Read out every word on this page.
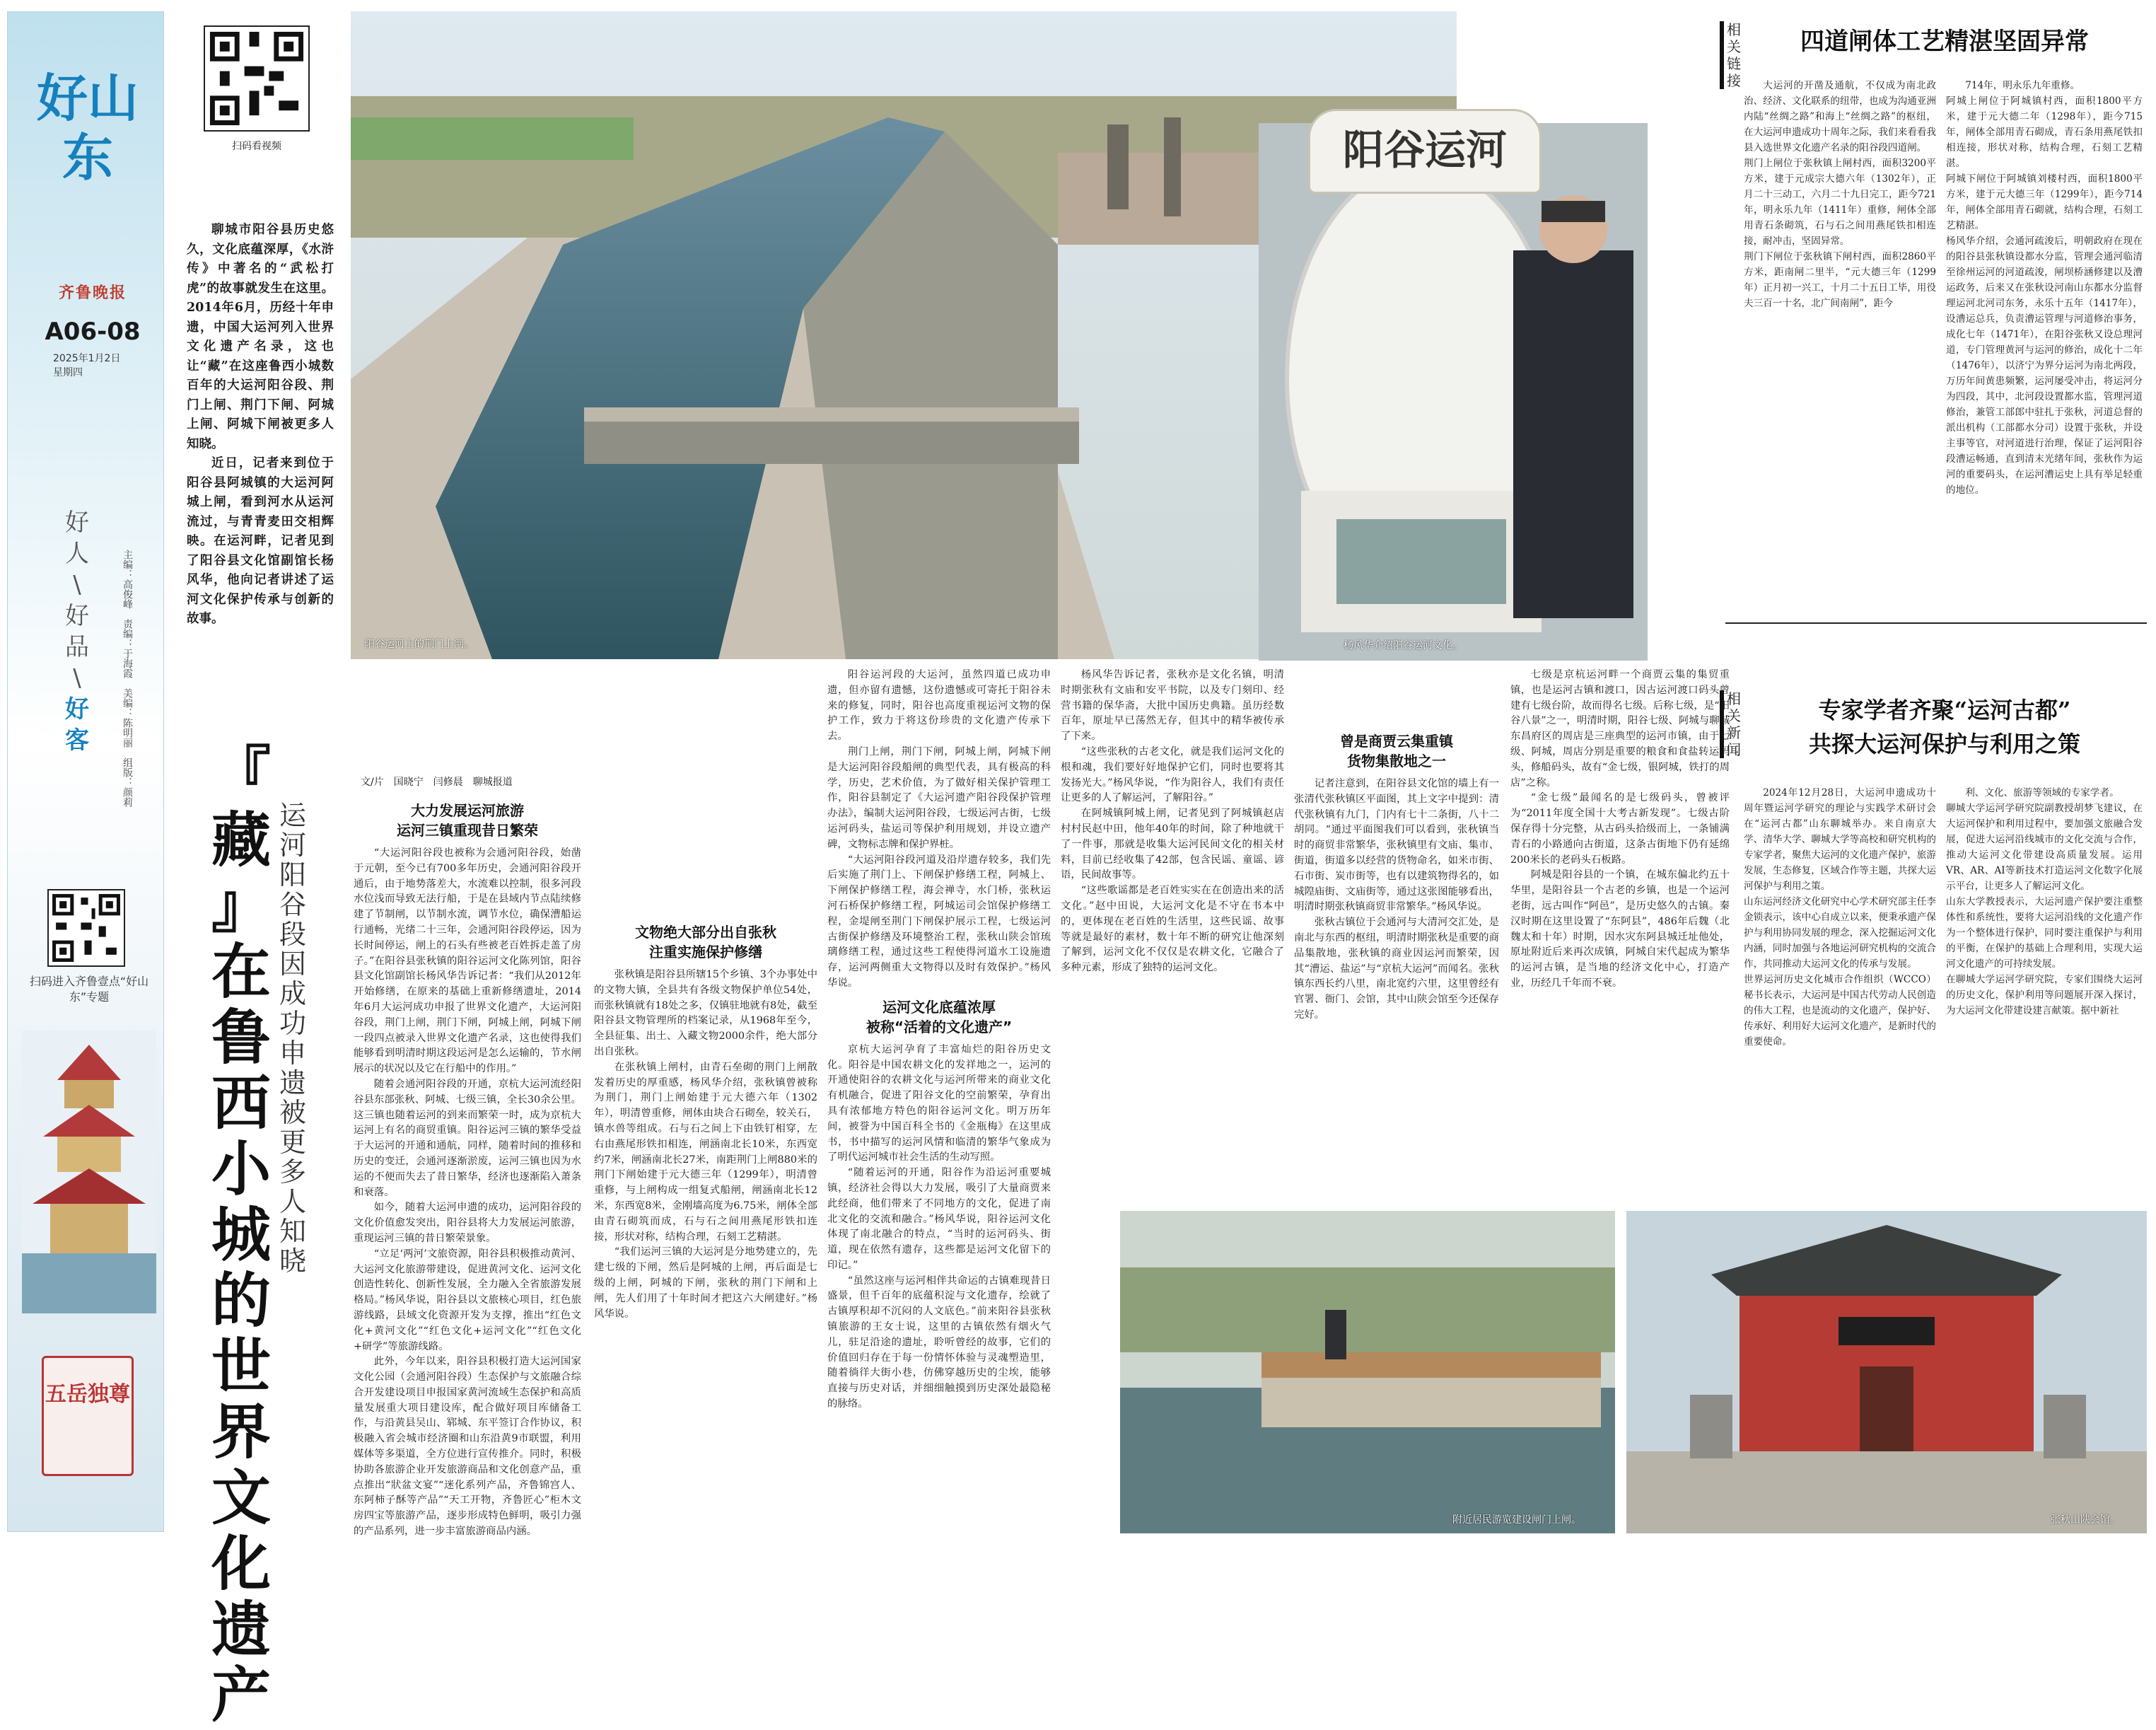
好山东
齐鲁晚报
A06-08
2025年1月2日
星期四
好
人
\
好
品
\
好
客
主编：高俊峰
责编：于海霞
美编：陈明丽
组版：颜莉
扫码进入齐鲁壹点“好山东”专题
五岳独尊
扫码看视频

聊城市阳谷县历史悠久，文化底蕴深厚，《水浒传》中著名的“武松打虎”的故事就发生在这里。2014年6月，历经十年申遗，中国大运河列入世界文化遗产名录，这也让“藏”在这座鲁西小城数百年的大运河阳谷段、荆门上闸、荆门下闸、阿城上闸、阿城下闸被更多人知晓。

近日，记者来到位于阳谷县阿城镇的大运河阿城上闸，看到河水从运河流过，与青青麦田交相辉映。在运河畔，记者见到了阳谷县文化馆副馆长杨风华，他向记者讲述了运河文化保护传承与创新的故事。

阳谷运河上的荆门上闸。
阳谷运河
杨风华介绍阳谷运河文化。
『
藏
』
在
鲁
西
小
城
的
世
界
文
化
遗
产
运
河
阳
谷
段
因
成
功
申
遗
被
更
多
人
知
晓
文/片　国晓宁　闫修晨　聊城报道
大力发展运河旅游
运河三镇重现昔日繁荣

“大运河阳谷段也被称为会通河阳谷段，始凿于元朝，至今已有700多年历史，会通河阳谷段开通后，由于地势落差大，水流难以控制，很多河段水位浅而导致无法行船，于是在县域内节点陆续修建了节制闸，以节制水流，调节水位，确保漕船运行通畅，光绪二十三年，会通河阳谷段停运，因为长时间停运，闸上的石头有些被老百姓拆走盖了房子。”在阳谷县张秋镇的阳谷运河文化陈列馆，阳谷县文化馆副馆长杨风华告诉记者：“我们从2012年开始修缮，在原来的基础上重新修缮遗址，2014年6月大运河成功申报了世界文化遗产，大运河阳谷段，荆门上闸，荆门下闸，阿城上闸，阿城下闸一段四点被录入世界文化遗产名录，这也使得我们能够看到明清时期这段运河是怎么运输的，节水闸展示的状况以及它在行船中的作用。”

随着会通河阳谷段的开通，京杭大运河流经阳谷县东部张秋、阿城、七级三镇，全长30余公里。这三镇也随着运河的到来而繁荣一时，成为京杭大运河上有名的商贸重镇。阳谷运河三镇的繁华受益于大运河的开通和通航，同样，随着时间的推移和历史的变迁，会通河逐渐淤废，运河三镇也因为水运的不便而失去了昔日繁华，经济也逐渐陷入萧条和衰落。

如今，随着大运河申遗的成功，运河阳谷段的文化价值愈发突出，阳谷县将大力发展运河旅游，重现运河三镇的昔日繁荣景象。

“立足‘两河’文旅资源，阳谷县积极推动黄河、大运河文化旅游带建设，促进黄河文化、运河文化创造性转化、创新性发展，全力融入全省旅游发展格局。”杨风华说，阳谷县以文旅核心项目，红色旅游线路，县域文化资源开发为支撑，推出“红色文化+黄河文化”“红色文化+运河文化”“红色文化+研学”等旅游线路。

此外，今年以来，阳谷县积极打造大运河国家文化公园（会通河阳谷段）生态保护与文旅融合综合开发建设项目申报国家黄河流域生态保护和高质量发展重大项目建设库，配合做好项目库储备工作，与沿黄县吴山、郓城、东平签订合作协议，积极融入省会城市经济圈和山东沿黄9市联盟，利用媒体等多渠道，全方位进行宣传推介。同时，积极协助各旅游企业开发旅游商品和文化创意产品，重点推出“狀盆文宴”“迷化系列产品，齐鲁锦宫人、东阿柿子酥等产品”“天工开物，齐鲁匠心”柜木文房四宝等旅游产品，逐步形成特色鲜明，吸引力强的产品系列，进一步丰富旅游商品内涵。

文物绝大部分出自张秋
注重实施保护修缮

张秋镇是阳谷县所辖15个乡镇、3个办事处中的文物大镇，全县共有各级文物保护单位54处，而张秋镇就有18处之多，仅镇驻地就有8处，截至阳谷县文物管理所的档案记录，从1968年至今，全县征集、出土、入藏文物2000余件，绝大部分出自张秋。

在张秋镇上闸村，由青石垒砌的荆门上闸散发着历史的厚重感，杨风华介绍，张秋镇曾被称为荆门，荆门上闸始建于元大德六年（1302年），明清曾重修，闸体由块合石砌垒，较关石，镇水兽等组成。石与石之间上下由铁钉相穿，左右由燕尾形铁扣相连，闸涵南北长10米，东西宽约7米，闸涵南北长27米，南距荆门上闸880米的荆门下闸始建于元大德三年（1299年），明清曾重修，与上闸构成一组复式船闸，闸涵南北长12米，东西宽8米，金刚墙高度为6.75米，闸体全部由青石砌筑而成，石与石之间用燕尾形铁扣连接，形状对称，结构合理，石刻工艺精湛。

“我们运河三镇的大运河是分地势建立的，先建七级的下闸，然后是阿城的上闸，再后面是七级的上闸，阿城的下闸，张秋的荆门下闸和上闸，先人们用了十年时间才把这六大闸建好。”杨风华说。

阳谷运河段的大运河，虽然四道已成功申遗，但亦留有遗憾，这份遗憾或可寄托于阳谷未来的修复，同时，阳谷也高度重视运河文物的保护工作，致力于将这份珍贵的文化遗产传承下去。

荆门上闸，荆门下闸，阿城上闸，阿城下闸是大运河阳谷段船闸的典型代表，具有极高的科学，历史，艺术价值，为了做好相关保护管理工作，阳谷县制定了《大运河遗产阳谷段保护管理办法》，编制大运河阳谷段，七级运河古街，七级运河码头，盐运司等保护利用规划，并设立遗产碑，文物标志牌和保护界桩。

“大运河阳谷段河道及沿岸遗存较多，我们先后实施了荆门上、下闸保护修缮工程，阿城上、下闸保护修缮工程，海会禅寺，水门桥，张秋运河石桥保护修缮工程，阿城运司会馆保护修缮工程，金堤闸至荆门下闸保护展示工程，七级运河古街保护修缮及环境整治工程，张秋山陕会馆琉璃修缮工程，通过这些工程使得河道水工设施遗存，运河两侧重大文物得以及时有效保护。”杨风华说。

运河文化底蕴浓厚
被称“活着的文化遗产”

京杭大运河孕育了丰富灿烂的阳谷历史文化。阳谷是中国农耕文化的发祥地之一，运河的开通使阳谷的农耕文化与运河所带来的商业文化有机融合，促进了阳谷文化的空前繁荣，孕育出具有浓郁地方特色的阳谷运河文化。明万历年间，被誉为中国百科全书的《金瓶梅》在这里成书，书中描写的运河风情和临清的繁华气象成为了明代运河城市社会生活的生动写照。

“随着运河的开通，阳谷作为沿运河重要城镇，经济社会得以大力发展，吸引了大量商贾来此经商，他们带来了不同地方的文化，促进了南北文化的交流和融合。”杨风华说，阳谷运河文化体现了南北融合的特点，“当时的运河码头、街道，现在依然有遗存，这些都是运河文化留下的印记。”

“虽然这座与运河相伴共命运的古镇难现昔日盛景，但千百年的底蕴积淀与文化遗存，绘就了古镇厚积却不沉闷的人文底色。”前来阳谷县张秋镇旅游的王女士说，这里的古镇依然有烟火气儿，驻足沿途的遗址，聆听曾经的故事，它们的价值回归存在于每一份情怀体验与灵魂塑造里，随着徜徉大街小巷，仿佛穿越历史的尘埃，能够直接与历史对话，并细细触摸到历史深处最隐秘的脉络。

杨风华告诉记者，张秋亦是文化名镇，明清时期张秋有文庙和安平书院，以及专门刻印、经营书籍的保华斋，大批中国历史典籍。虽历经数百年，原址早已荡然无存，但其中的精华被传承了下来。

“这些张秋的古老文化，就是我们运河文化的根和魂，我们要好好地保护它们，同时也要将其发扬光大。”杨风华说，“作为阳谷人，我们有责任让更多的人了解运河，了解阳谷。”

在阿城镇阿城上闸，记者见到了阿城镇赵店村村民赵中田，他年40年的时间，除了种地就干了一件事，那就是收集大运河民间文化的相关材料，目前已经收集了42部，包含民谣、童谣、谚语，民间故事等。

“这些歌谣都是老百姓实实在在创造出来的活文化。”赵中田说，大运河文化是不守在书本中的，更体现在老百姓的生活里，这些民谣、故事等就是最好的素材，数十年不断的研究让他深刻了解到，运河文化不仅仅是农耕文化，它融合了多种元素，形成了独特的运河文化。

曾是商贾云集重镇
货物集散地之一

记者注意到，在阳谷县文化馆的墙上有一张清代张秋镇区平面图，其上文字中提到：清代张秋镇有九门，门内有七十二条街，八十二胡同。“通过平面图我们可以看到，张秋镇当时的商贸非常繁华，张秋镇里有文庙、集市、街道，街道多以经营的货物命名，如米市街、石市街、炭市街等，也有以建筑物得名的，如城隍庙街、文庙街等，通过这张图能够看出，明清时期张秋镇商贸非常繁华。”杨风华说。

张秋古镇位于会通河与大清河交汇处，是南北与东西的枢纽，明清时期张秋是重要的商品集散地，张秋镇的商业因运河而繁荣，因其“漕运、盐运”与“京杭大运河”而闻名。张秋镇东西长约八里，南北宽约六里，这里曾经有官署、衙门、会馆，其中山陕会馆至今还保存完好。

七级是京杭运河畔一个商贾云集的集贸重镇，也是运河古镇和渡口，因古运河渡口码头曾建有七级台阶，故而得名七级。后称七级，是“阳谷八景”之一，明清时期，阳谷七级、阿城与聊城东昌府区的周店是三座典型的运河市镇，由于七级、阿城，周店分别是重要的粮食和食盐转运码头，修船码头，故有“金七级，银阿城，铁打的周店”之称。

“金七级”最闻名的是七级码头，曾被评为“2011年度全国十大考古新发现”。七级古阶保存得十分完整，从古码头拾级而上，一条铺满青石的小路通向古街道，这条古街地下仍有延绵200米长的老码头石板路。

阿城是阳谷县的一个镇，在城东偏北约五十华里，是阳谷县一个古老的乡镇，也是一个运河老街，远古叫作“阿邑”，是历史悠久的古镇。秦汉时期在这里设置了“东阿县”，486年后魏（北魏太和十年）时期，因水灾东阿县城迁址他处，原址附近后来再次成镇，阿城自宋代起成为繁华的运河古镇，是当地的经济文化中心，打造产业，历经几千年而不衰。

附近居民游览建设闸门上闸。	张秋山陕会馆。
相
关
链
接
四道闸体工艺精湛坚固异常
大运河的开凿及通航，不仅成为南北政治、经济、文化联系的纽带，也成为沟通亚洲内陆“丝绸之路”和海上“丝绸之路”的枢纽，在大运河申遗成功十周年之际，我们来看看我县入选世界文化遗产名录的阳谷段四道闸。
荆门上闸位于张秋镇上闸村西，面积3200平方米，建于元成宗大德六年（1302年），正月二十三动工，六月二十九日完工，距今721年，明永乐九年（1411年）重修，闸体全部用青石条砌筑，石与石之间用燕尾铁扣相连接，耐冲击，坚固异常。
荆门下闸位于张秋镇下闸村西，面积2860平方米，距南闸二里半，“元大德三年（1299年）正月初一兴工，十月二十五日工毕，用役夫三百一十名，北广间南闸”，距今
714年，明永乐九年重修。
阿城上闸位于阿城镇村西，面积1800平方米，建于元大德二年（1298年），距今715年，闸体全部用青石砌成，青石条用燕尾铁扣相连接，形状对称，结构合理，石刻工艺精湛。
阿城下闸位于阿城镇刘楼村西，面积1800平方米，建于元大德三年（1299年），距今714年，闸体全部用青石砌就，结构合理，石刻工艺精湛。
杨风华介绍，会通河疏浚后，明朝政府在现在的阳谷县张秋镇设都水分监，管理会通河临清至徐州运河的河道疏浚，闸坝桥涵修建以及漕运政务，后来又在张秋设河南山东都水分监督理运河北河司东务，永乐十五年（1417年），设漕运总兵，负责漕运管理与河道修治事务，成化七年（1471年），在阳谷张秋又设总理河道，专门管理黄河与运河的修治，成化十二年（1476年），以济宁为界分运河为南北两段，万历年间黄患频繁，运河屡受冲击，将运河分为四段，其中，北河段设置都水监，管理河道修治，兼管工部郎中驻扎于张秋，河道总督的派出机构（工部都水分司）设置于张秋，并设主事等官，对河道进行治理，保证了运河阳谷段漕运畅通，直到清末光绪年间，张秋作为运河的重要码头，在运河漕运史上具有举足轻重的地位。
相
关
新
闻
专家学者齐聚“运河古都”
共探大运河保护与利用之策
2024年12月28日，大运河申遗成功十周年暨运河学研究的理论与实践学术研讨会在“运河古都”山东聊城举办。来自南京大学、清华大学、聊城大学等高校和研究机构的专家学者，聚焦大运河的文化遗产保护，旅游发展，生态修复，区域合作等主题，共探大运河保护与利用之策。
山东运河经济文化研究中心学术研究部主任李金锁表示，该中心自成立以来，便秉承遗产保护与利用协同发展的理念，深入挖掘运河文化内涵，同时加强与各地运河研究机构的交流合作，共同推动大运河文化的传承与发展。
世界运河历史文化城市合作组织（WCCO）秘书长表示，大运河是中国古代劳动人民创造的伟大工程，也是流动的文化遗产，保护好、传承好、利用好大运河文化遗产，是新时代的重要使命。
利、文化、旅游等领域的专家学者。
聊城大学运河学研究院副教授胡梦飞建议，在大运河保护和利用过程中，要加强文旅融合发展，促进大运河沿线城市的文化交流与合作，推动大运河文化带建设高质量发展。运用VR、AR、AI等新技术打造运河文化数字化展示平台，让更多人了解运河文化。
山东大学教授表示，大运河遗产保护要注重整体性和系统性，要将大运河沿线的文化遗产作为一个整体进行保护，同时要注重保护与利用的平衡，在保护的基础上合理利用，实现大运河文化遗产的可持续发展。
在聊城大学运河学研究院，专家们围绕大运河的历史文化，保护利用等问题展开深入探讨，为大运河文化带建设建言献策。据中新社
